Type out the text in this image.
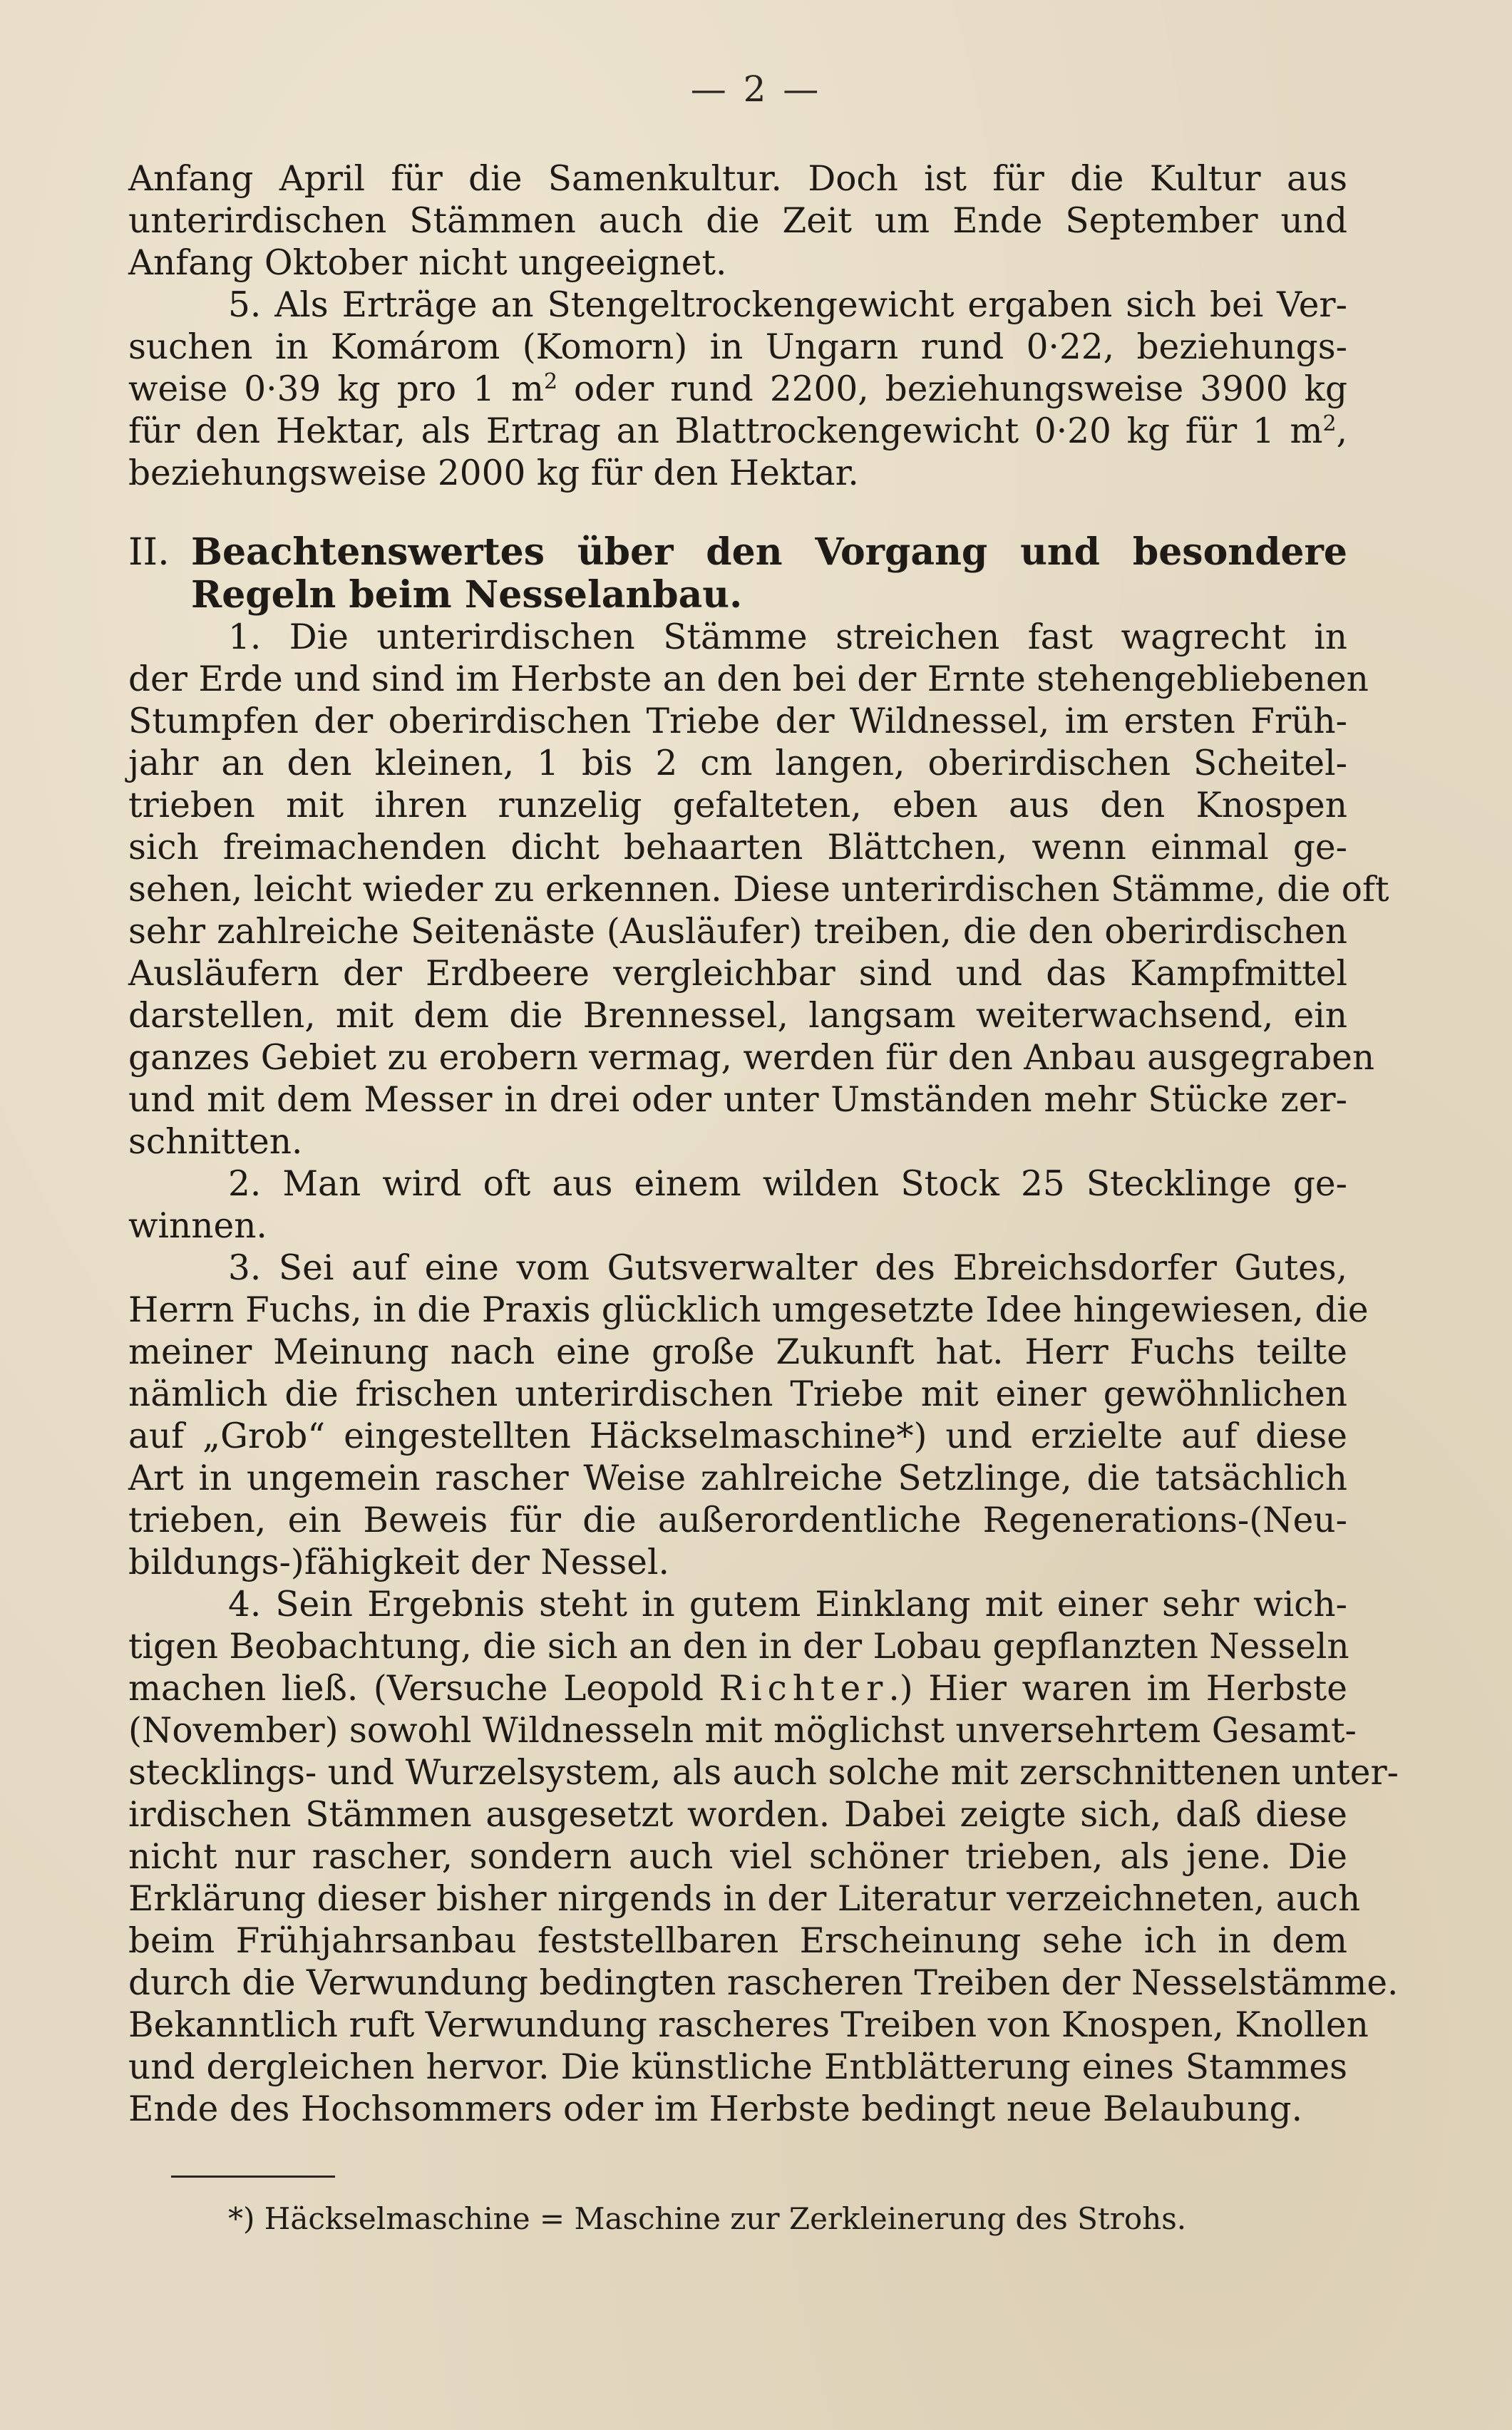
— 2 —
Anfang April für die Samenkultur. Doch ist für die Kultur aus
unterirdischen Stämmen auch die Zeit um Ende September und
Anfang Oktober nicht ungeeignet.
5. Als Erträge an Stengeltrockengewicht ergaben sich bei Ver-
suchen in Komárom (Komorn) in Ungarn rund 0·22, beziehungs-
weise 0·39 kg pro 1 $m^2$ oder rund 2200, beziehungsweise 3900 kg
für den Hektar, als Ertrag an Blattrockengewicht 0·20 kg für 1 $m^2$,
beziehungsweise 2000 kg für den Hektar.
II. Beachtenswertes über den Vorgang und besondere
Regeln beim Nesselanbau.
1. Die unterirdischen Stämme streichen fast wagrecht in
der Erde und sind im Herbste an den bei der Ernte stehengebliebenen
Stumpfen der oberirdischen Triebe der Wildnessel, im ersten Früh-
jahr an den kleinen, 1 bis 2 cm langen, oberirdischen Scheitel-
trieben mit ihren runzelig gefalteten, eben aus den Knospen
sich freimachenden dicht behaarten Blättchen, wenn einmal ge-
sehen, leicht wieder zu erkennen. Diese unterirdischen Stämme, die oft
sehr zahlreiche Seitenäste (Ausläufer) treiben, die den oberirdischen
Ausläufern der Erdbeere vergleichbar sind und das Kampfmittel
darstellen, mit dem die Brennessel, langsam weiterwachsend, ein
ganzes Gebiet zu erobern vermag, werden für den Anbau ausgegraben
und mit dem Messer in drei oder unter Umständen mehr Stücke zer-
schnitten.
2. Man wird oft aus einem wilden Stock 25 Stecklinge ge-
winnen.
3. Sei auf eine vom Gutsverwalter des Ebreichsdorfer Gutes,
Herrn Fuchs, in die Praxis glücklich umgesetzte Idee hingewiesen, die
meiner Meinung nach eine große Zukunft hat. Herr Fuchs teilte
nämlich die frischen unterirdischen Triebe mit einer gewöhnlichen
auf „Grob“ eingestellten Häckselmaschine*) und erzielte auf diese
Art in ungemein rascher Weise zahlreiche Setzlinge, die tatsächlich
trieben, ein Beweis für die außerordentliche Regenerations-(Neu-
bildungs-)fähigkeit der Nessel.
4. Sein Ergebnis steht in gutem Einklang mit einer sehr wich-
tigen Beobachtung, die sich an den in der Lobau gepflanzten Nesseln
machen ließ. (Versuche Leopold Richter.) Hier waren im Herbste
(November) sowohl Wildnesseln mit möglichst unversehrtem Gesamt-
stecklings- und Wurzelsystem, als auch solche mit zerschnittenen unter-
irdischen Stämmen ausgesetzt worden. Dabei zeigte sich, daß diese
nicht nur rascher, sondern auch viel schöner trieben, als jene. Die
Erklärung dieser bisher nirgends in der Literatur verzeichneten, auch
beim Frühjahrsanbau feststellbaren Erscheinung sehe ich in dem
durch die Verwundung bedingten rascheren Treiben der Nesselstämme.
Bekanntlich ruft Verwundung rascheres Treiben von Knospen, Knollen
und dergleichen hervor. Die künstliche Entblätterung eines Stammes
Ende des Hochsommers oder im Herbste bedingt neue Belaubung.
*) Häckselmaschine = Maschine zur Zerkleinerung des Strohs.
